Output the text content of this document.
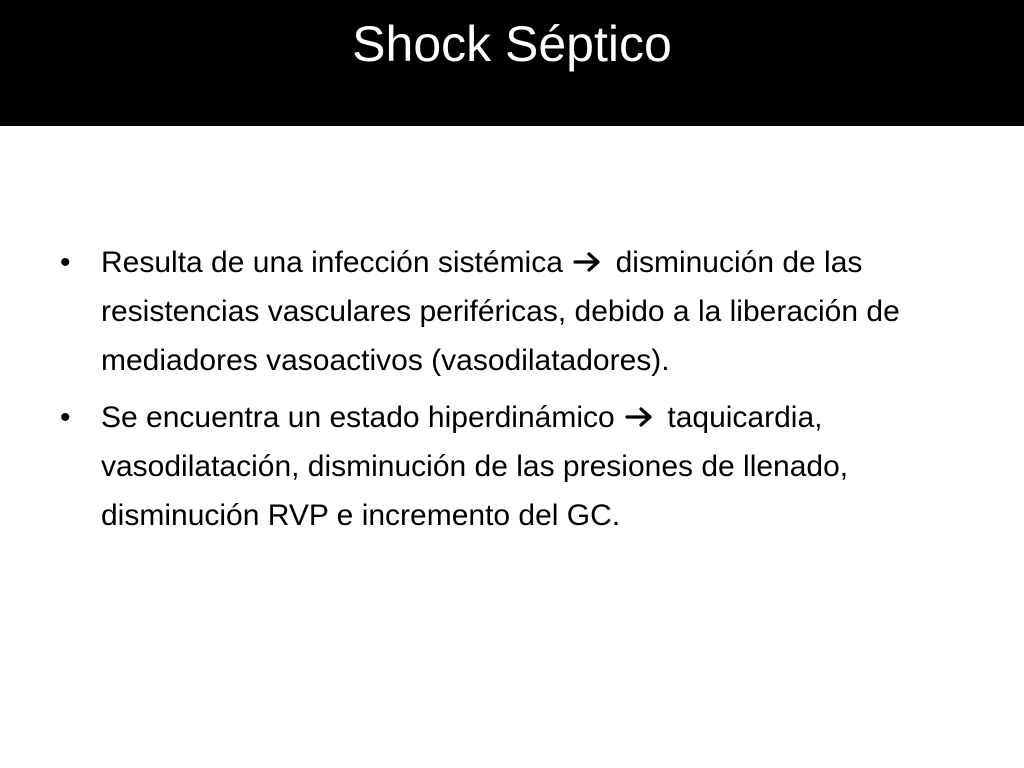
Shock Séptico
•	Resulta de una infección sistémica disminución de las resistencias vasculares periféricas, debido a la liberación de mediadores vasoactivos (vasodilatadores).
•	Se encuentra un estado hiperdinámico taquicardia, vasodilatación, disminución de las presiones de llenado, disminución RVP e incremento del GC.
